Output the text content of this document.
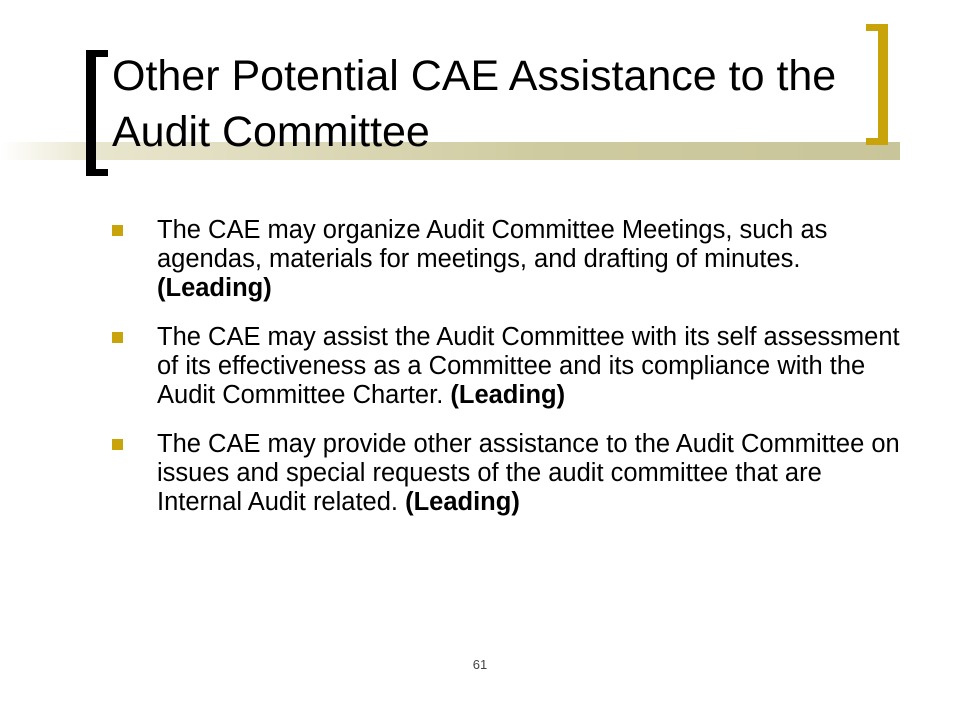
Other Potential CAE Assistance to the Audit Committee
The CAE may organize Audit Committee Meetings, such as agendas, materials for meetings, and drafting of minutes. (Leading)
The CAE may assist the Audit Committee with its self assessment of its effectiveness as a Committee and its compliance with the Audit Committee Charter. (Leading)
The CAE may provide other assistance to the Audit Committee on issues and special requests of the audit committee that are Internal Audit related. (Leading)
61
